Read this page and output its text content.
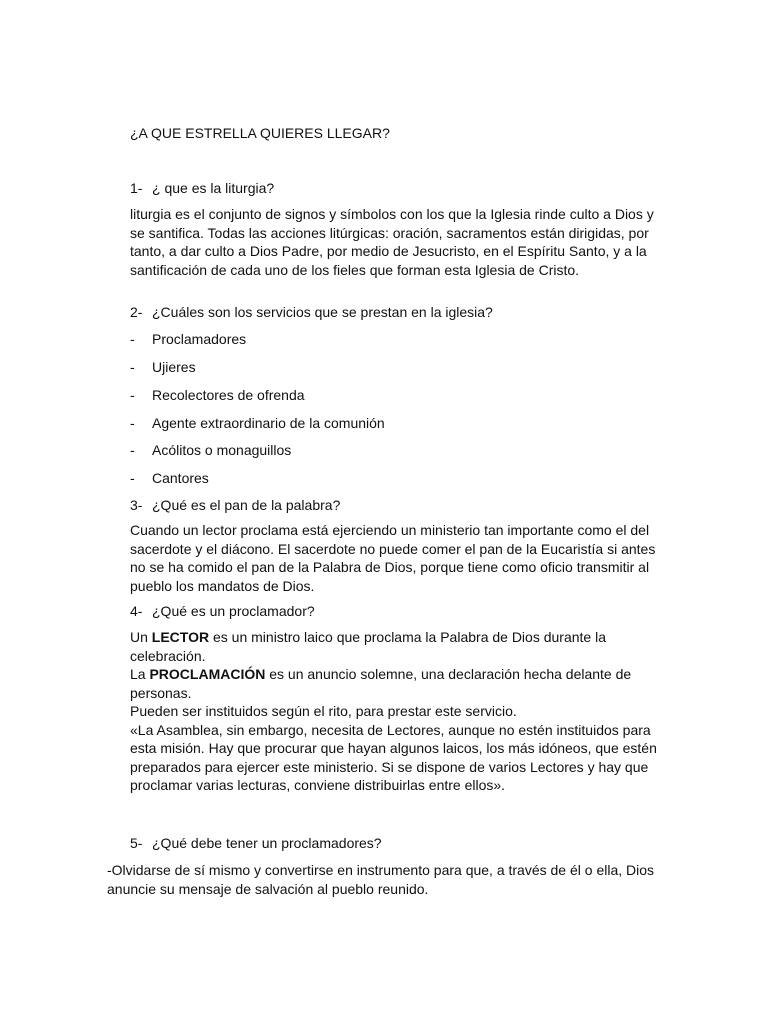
¿A QUE ESTRELLA QUIERES LLEGAR?
1- ¿ que es la liturgia?
liturgia es el conjunto de signos y símbolos con los que la Iglesia rinde culto a Dios y se santifica. Todas las acciones litúrgicas: oración, sacramentos están dirigidas, por tanto, a dar culto a Dios Padre, por medio de Jesucristo, en el Espíritu Santo, y a la santificación de cada uno de los fieles que forman esta Iglesia de Cristo.
2- ¿Cuáles son los servicios que se prestan en la iglesia?
- Proclamadores
- Ujieres
- Recolectores de ofrenda
- Agente extraordinario de la comunión
- Acólitos o monaguillos
- Cantores
3- ¿Qué es el pan de la palabra?
Cuando un lector proclama está ejerciendo un ministerio tan importante como el del sacerdote y el diácono. El sacerdote no puede comer el pan de la Eucaristía si antes no se ha comido el pan de la Palabra de Dios, porque tiene como oficio transmitir al pueblo los mandatos de Dios.
4- ¿Qué es un proclamador?

Un LECTOR es un ministro laico que proclama la Palabra de Dios durante la celebración.

La PROCLAMACIÓN es un anuncio solemne, una declaración hecha delante de personas.

Pueden ser instituidos según el rito, para prestar este servicio.

«La Asamblea, sin embargo, necesita de Lectores, aunque no estén instituidos para esta misión. Hay que procurar que hayan algunos laicos, los más idóneos, que estén preparados para ejercer este ministerio. Si se dispone de varios Lectores y hay que proclamar varias lecturas, conviene distribuirlas entre ellos».

5- ¿Qué debe tener un proclamadores?
-Olvidarse de sí mismo y convertirse en instrumento para que, a través de él o ella, Dios anuncie su mensaje de salvación al pueblo reunido.
